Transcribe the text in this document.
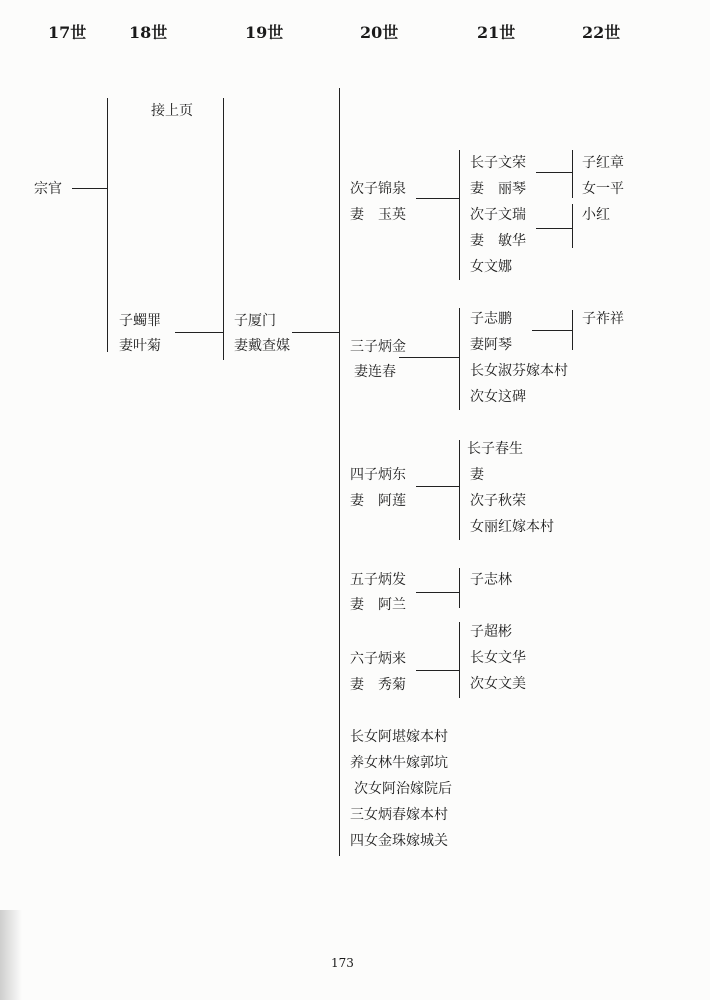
17世	18世	19世	20世	21世	22世
宗官
接上页
子蠋罪
妻叶菊
子厦门
妻戴查媒
次子锦泉
妻　玉英
长子文荣
妻　丽琴
次子文瑞
妻　敏华
女文娜
子红章
女一平
小红
三子炳金
妻连春
子志鹏
妻阿琴
长女淑芬嫁本村
次女这碑
子祚祥
四子炳东
妻　阿莲
长子春生
妻
次子秋荣
女丽红嫁本村
五子炳发
妻　阿兰
子志林
六子炳来
妻　秀菊
子超彬
长女文华
次女文美
长女阿堪嫁本村
养女林牛嫁郭坑
次女阿治嫁院后
三女炳春嫁本村
四女金珠嫁城关
173
